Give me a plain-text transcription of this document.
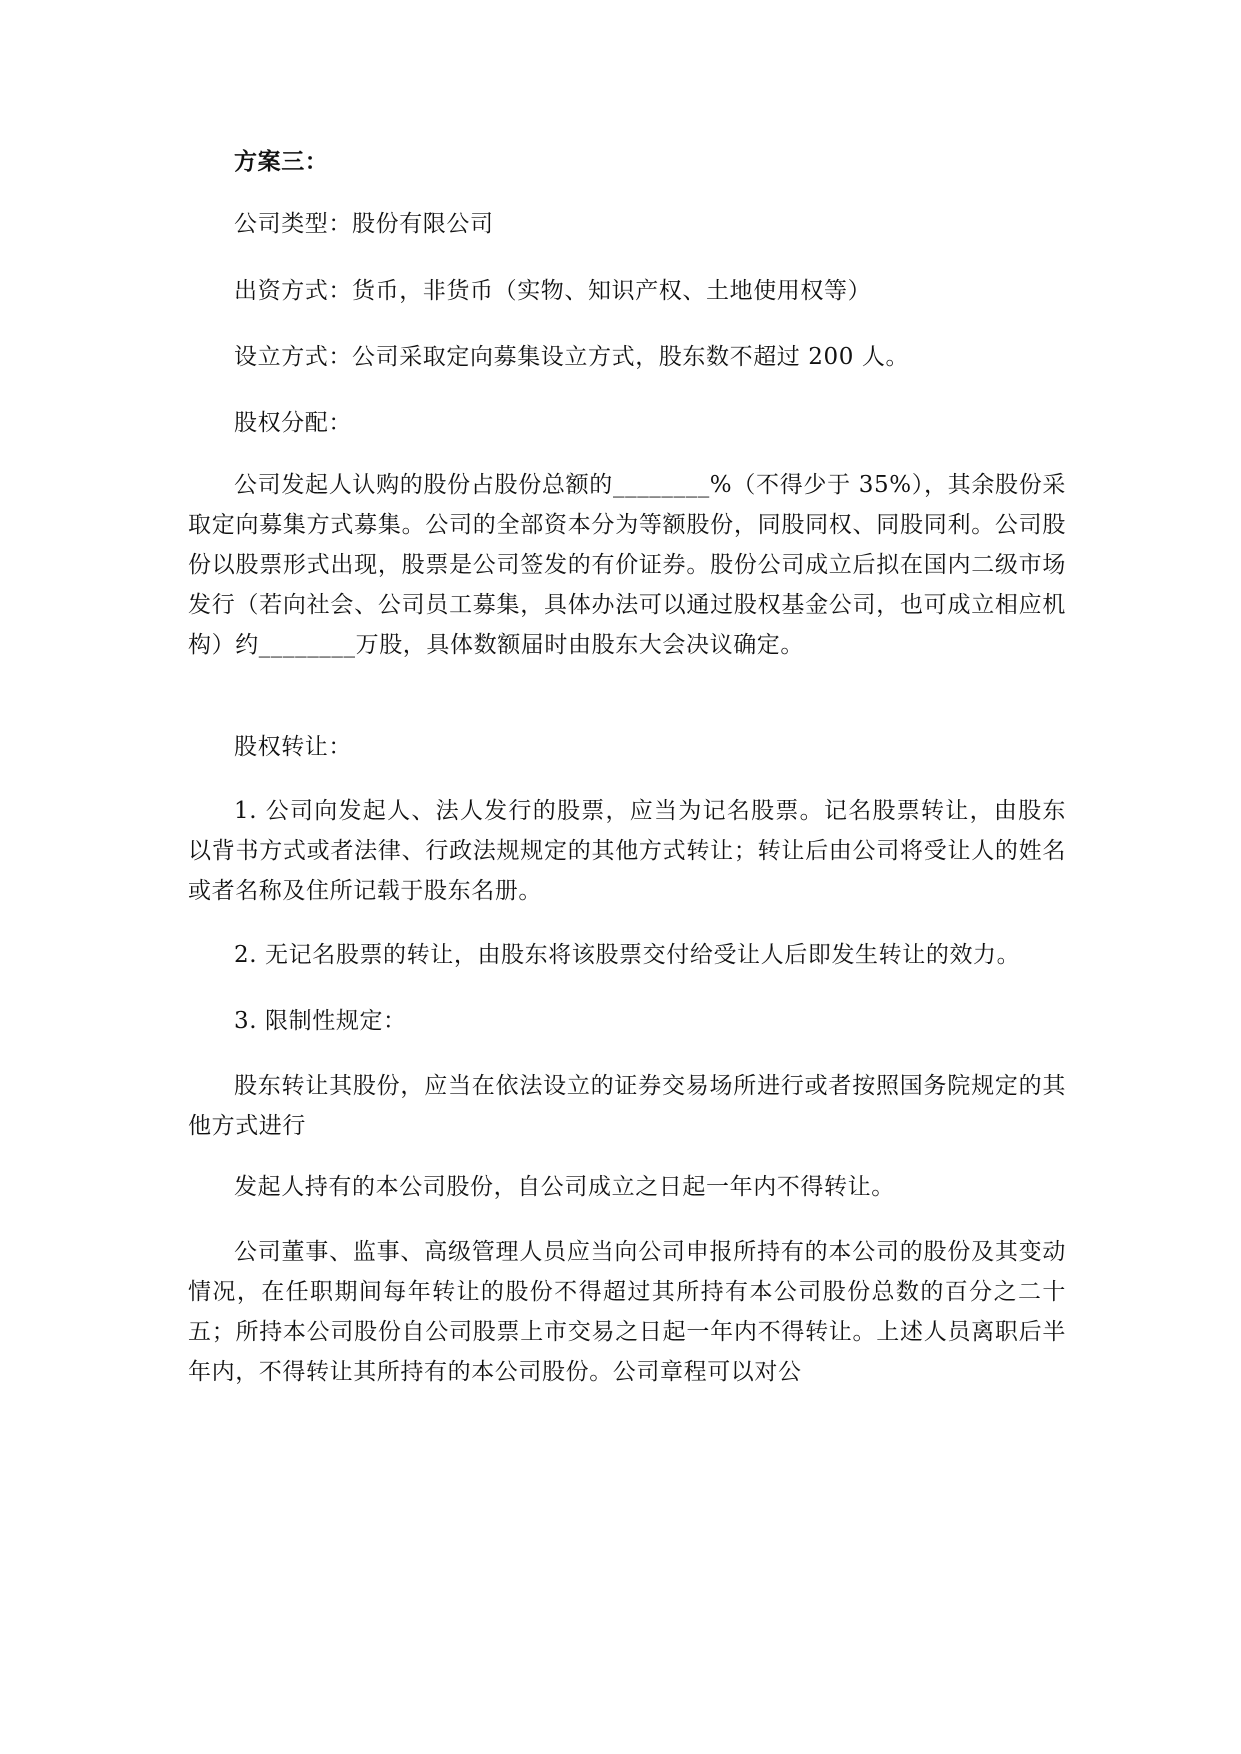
方案三：

公司类型：股份有限公司

出资方式：货币，非货币（实物、知识产权、土地使用权等）

设立方式：公司采取定向募集设立方式，股东数不超过 200 人。

股权分配：

公司发起人认购的股份占股份总额的________%（不得少于 35%），其余股份采取定向募集方式募集。公司的全部资本分为等额股份，同股同权、同股同利。公司股份以股票形式出现，股票是公司签发的有价证券。股份公司成立后拟在国内二级市场发行（若向社会、公司员工募集，具体办法可以通过股权基金公司，也可成立相应机构）约________万股，具体数额届时由股东大会决议确定。

股权转让：

1. 公司向发起人、法人发行的股票，应当为记名股票。记名股票转让，由股东以背书方式或者法律、行政法规规定的其他方式转让；转让后由公司将受让人的姓名或者名称及住所记载于股东名册。

2. 无记名股票的转让，由股东将该股票交付给受让人后即发生转让的效力。

3. 限制性规定：

股东转让其股份，应当在依法设立的证券交易场所进行或者按照国务院规定的其他方式进行

发起人持有的本公司股份，自公司成立之日起一年内不得转让。

公司董事、监事、高级管理人员应当向公司申报所持有的本公司的股份及其变动情况，在任职期间每年转让的股份不得超过其所持有本公司股份总数的百分之二十五；所持本公司股份自公司股票上市交易之日起一年内不得转让。上述人员离职后半年内，不得转让其所持有的本公司股份。公司章程可以对公
